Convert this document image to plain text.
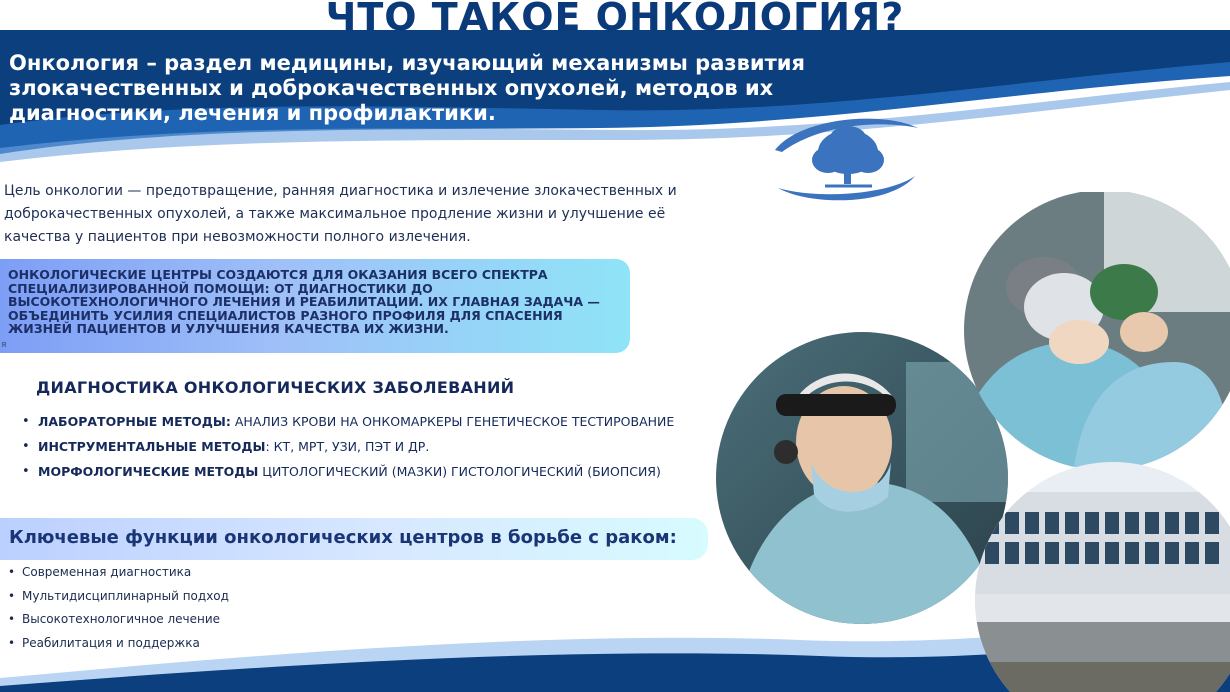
ЧТО ТАКОЕ ОНКОЛОГИЯ?

Онкология – раздел медицины, изучающий механизмы развития злокачественных и доброкачественных опухолей, методов их диагностики, лечения и профилактики.

Цель онкологии — предотвращение, ранняя диагностика и излечение злокачественных и доброкачественных опухолей, а также максимальное продление жизни и улучшение её качества у пациентов при невозможности полного излечения.

ОНКОЛОГИЧЕСКИЕ ЦЕНТРЫ СОЗДАЮТСЯ ДЛЯ ОКАЗАНИЯ ВСЕГО СПЕКТРА СПЕЦИАЛИЗИРОВАННОЙ ПОМОЩИ: ОТ ДИАГНОСТИКИ ДО ВЫСОКОТЕХНОЛОГИЧНОГО ЛЕЧЕНИЯ И РЕАБИЛИТАЦИИ. ИХ ГЛАВНАЯ ЗАДАЧА — ОБЪЕДИНИТЬ УСИЛИЯ СПЕЦИАЛИСТОВ РАЗНОГО ПРОФИЛЯ ДЛЯ СПАСЕНИЯ ЖИЗНЕЙ ПАЦИЕНТОВ И УЛУЧШЕНИЯ КАЧЕСТВА ИХ ЖИЗНИ.

я
ДИАГНОСТИКА ОНКОЛОГИЧЕСКИХ ЗАБОЛЕВАНИЙ
• ЛАБОРАТОРНЫЕ МЕТОДЫ: АНАЛИЗ КРОВИ НА ОНКОМАРКЕРЫ ГЕНЕТИЧЕСКОЕ ТЕСТИРОВАНИЕ
• ИНСТРУМЕНТАЛЬНЫЕ МЕТОДЫ: КТ, МРТ, УЗИ, ПЭТ И ДР.
• МОРФОЛОГИЧЕСКИЕ МЕТОДЫ ЦИТОЛОГИЧЕСКИЙ (МАЗКИ) ГИСТОЛОГИЧЕСКИЙ (БИОПСИЯ)

Ключевые функции онкологических центров в борьбе с раком:

• Современная диагностика
• Мультидисциплинарный подход
• Высокотехнологичное лечение
• Реабилитация и поддержка
